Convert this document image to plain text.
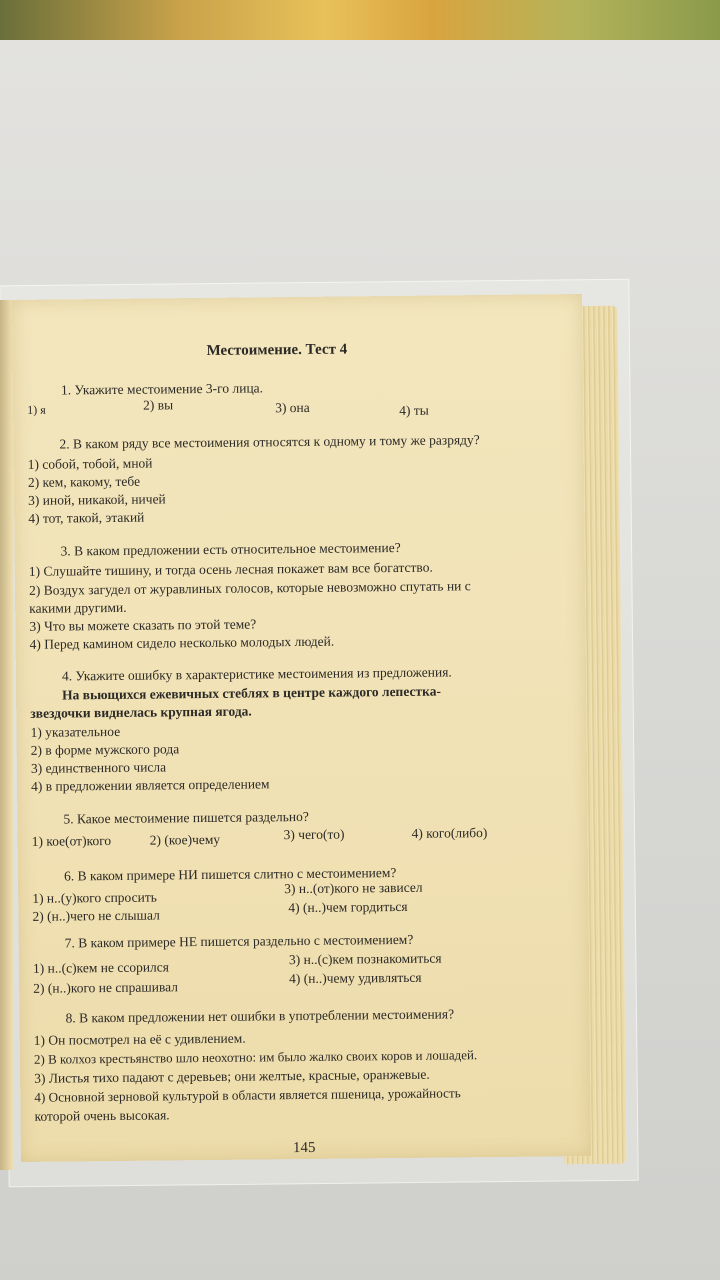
Местоимение. Тест 4
1. Укажите местоимение 3-го лица.
1) я	2) вы	3) она	4) ты
2. В каком ряду все местоимения относятся к одному и тому же разряду?
1) собой, тобой, мной
2) кем, какому, тебе
3) иной, никакой, ничей
4) тот, такой, этакий
3. В каком предложении есть относительное местоимение?
1) Слушайте тишину, и тогда осень лесная покажет вам все богатство.
2) Воздух загудел от журавлиных голосов, которые невозможно спутать ни с
какими другими.
3) Что вы можете сказать по этой теме?
4) Перед камином сидело несколько молодых людей.
4. Укажите ошибку в характеристике местоимения из предложения.
На вьющихся ежевичных стеблях в центре каждого лепестка-
звездочки виднелась крупная ягода.
1) указательное
2) в форме мужского рода
3) единственного числа
4) в предложении является определением
5. Какое местоимение пишется раздельно?
1) кое(от)кого	2) (кое)чему	3) чего(то)	4) кого(либо)
6. В каком примере НИ пишется слитно с местоимением?
1) н..(у)кого спросить
2) (н..)чего не слышал
3) н..(от)кого не зависел
4) (н..)чем гордиться
7. В каком примере НЕ пишется раздельно с местоимением?
1) н..(с)кем не ссорился
2) (н..)кого не спрашивал
3) н..(с)кем познакомиться
4) (н..)чему удивляться
8. В каком предложении нет ошибки в употреблении местоимения?
1) Он посмотрел на её с удивлением.
2) В колхоз крестьянство шло неохотно: им было жалко своих коров и лошадей.
3) Листья тихо падают с деревьев; они желтые, красные, оранжевые.
4) Основной зерновой культурой в области является пшеница, урожайность
которой очень высокая.
145
